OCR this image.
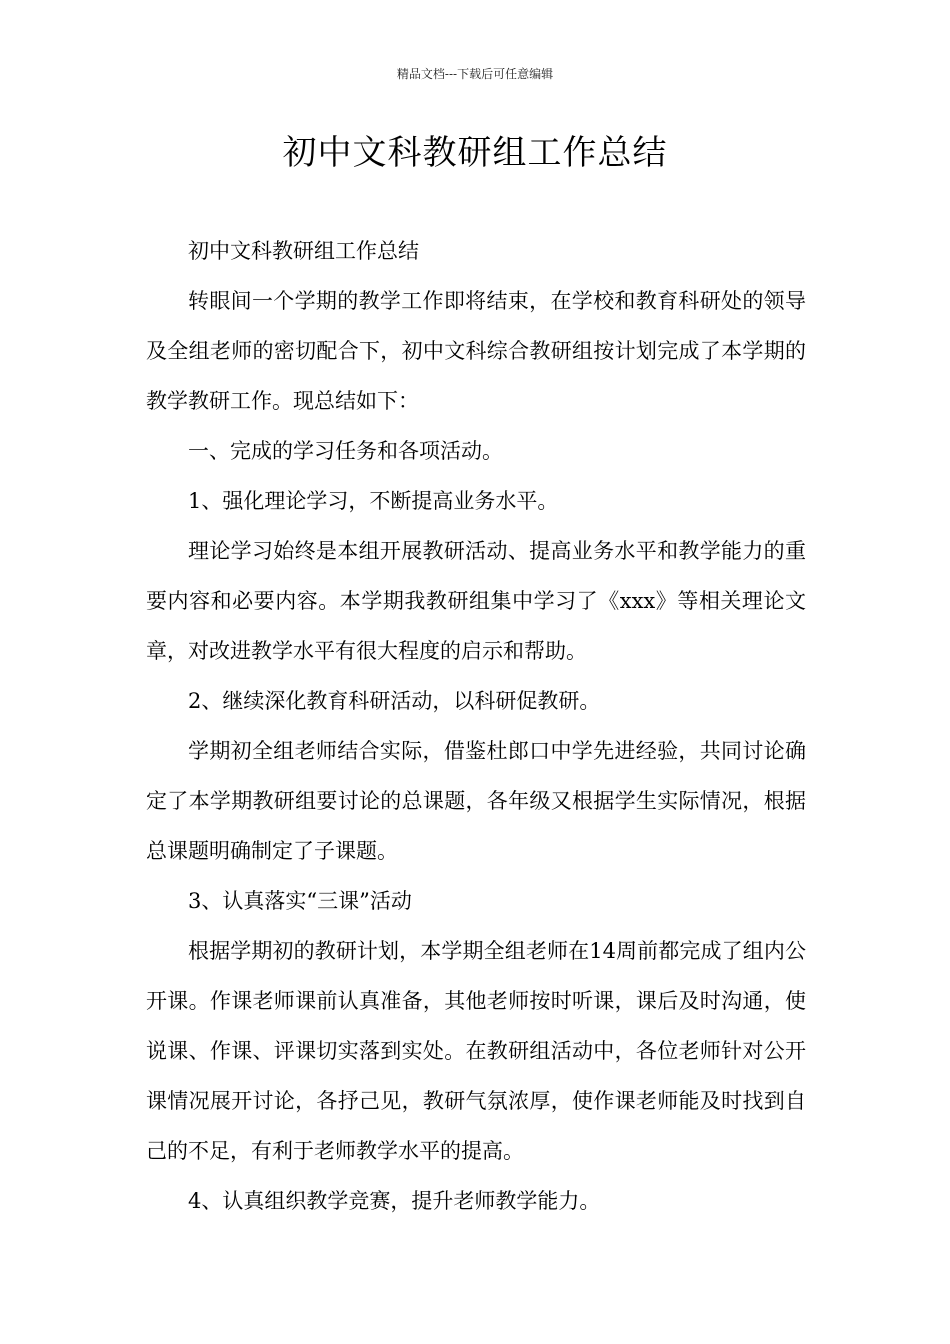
精品文档---下载后可任意编辑
初中文科教研组工作总结

初中文科教研组工作总结

转眼间一个学期的教学工作即将结束，在学校和教育科研处的领导及全组老师的密切配合下，初中文科综合教研组按计划完成了本学期的教学教研工作。现总结如下：

一、完成的学习任务和各项活动。

1、强化理论学习，不断提高业务水平。

理论学习始终是本组开展教研活动、提高业务水平和教学能力的重要内容和必要内容。本学期我教研组集中学习了《xxx》等相关理论文章，对改进教学水平有很大程度的启示和帮助。

2、继续深化教育科研活动，以科研促教研。

学期初全组老师结合实际，借鉴杜郎口中学先进经验，共同讨论确定了本学期教研组要讨论的总课题，各年级又根据学生实际情况，根据总课题明确制定了子课题。

3、认真落实“三课”活动

根据学期初的教研计划，本学期全组老师在14周前都完成了组内公开课。作课老师课前认真准备，其他老师按时听课，课后及时沟通，使说课、作课、评课切实落到实处。在教研组活动中，各位老师针对公开课情况展开讨论，各抒己见，教研气氛浓厚，使作课老师能及时找到自己的不足，有利于老师教学水平的提高。

4、认真组织教学竞赛，提升老师教学能力。
